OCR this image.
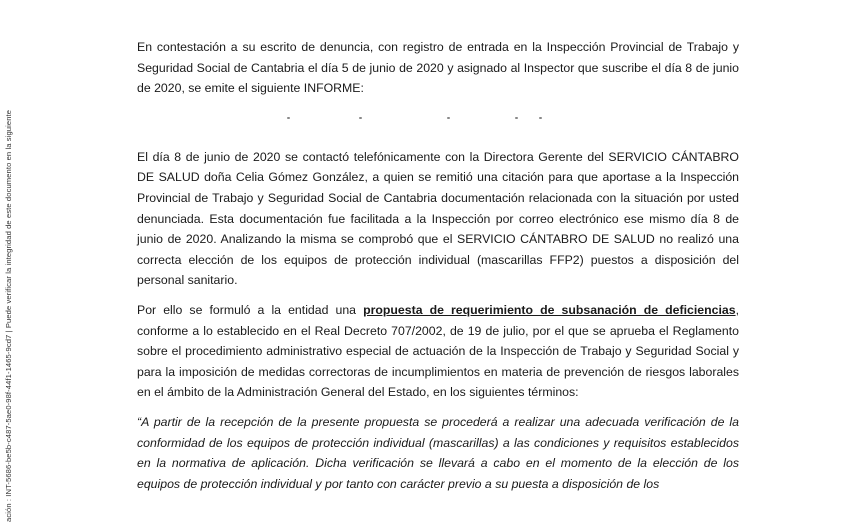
ación : INT-5686-be5b-c487-5ae0-98f-44f1-1465-9cd7 | Puede verificar la integridad de este documento en la siguiente

En contestación a su escrito de denuncia, con registro de entrada en la Inspección Provincial de Trabajo y Seguridad Social de Cantabria el día 5 de junio de 2020 y asignado al Inspector que suscribe el día 8 de junio de 2020, se emite el siguiente INFORME:

El día 8 de junio de 2020 se contactó telefónicamente con la Directora Gerente del SERVICIO CÁNTABRO DE SALUD doña Celia Gómez González, a quien se remitió una citación para que aportase a la Inspección Provincial de Trabajo y Seguridad Social de Cantabria documentación relacionada con la situación por usted denunciada. Esta documentación fue facilitada a la Inspección por correo electrónico ese mismo día 8 de junio de 2020. Analizando la misma se comprobó que el SERVICIO CÁNTABRO DE SALUD no realizó una correcta elección de los equipos de protección individual (mascarillas FFP2) puestos a disposición del personal sanitario.

Por ello se formuló a la entidad una propuesta de requerimiento de subsanación de deficiencias, conforme a lo establecido en el Real Decreto 707/2002, de 19 de julio, por el que se aprueba el Reglamento sobre el procedimiento administrativo especial de actuación de la Inspección de Trabajo y Seguridad Social y para la imposición de medidas correctoras de incumplimientos en materia de prevención de riesgos laborales en el ámbito de la Administración General del Estado, en los siguientes términos:

“A partir de la recepción de la presente propuesta se procederá a realizar una adecuada verificación de la conformidad de los equipos de protección individual (mascarillas) a las condiciones y requisitos establecidos en la normativa de aplicación. Dicha verificación se llevará a cabo en el momento de la elección de los equipos de protección individual y por tanto con carácter previo a su puesta a disposición de los
